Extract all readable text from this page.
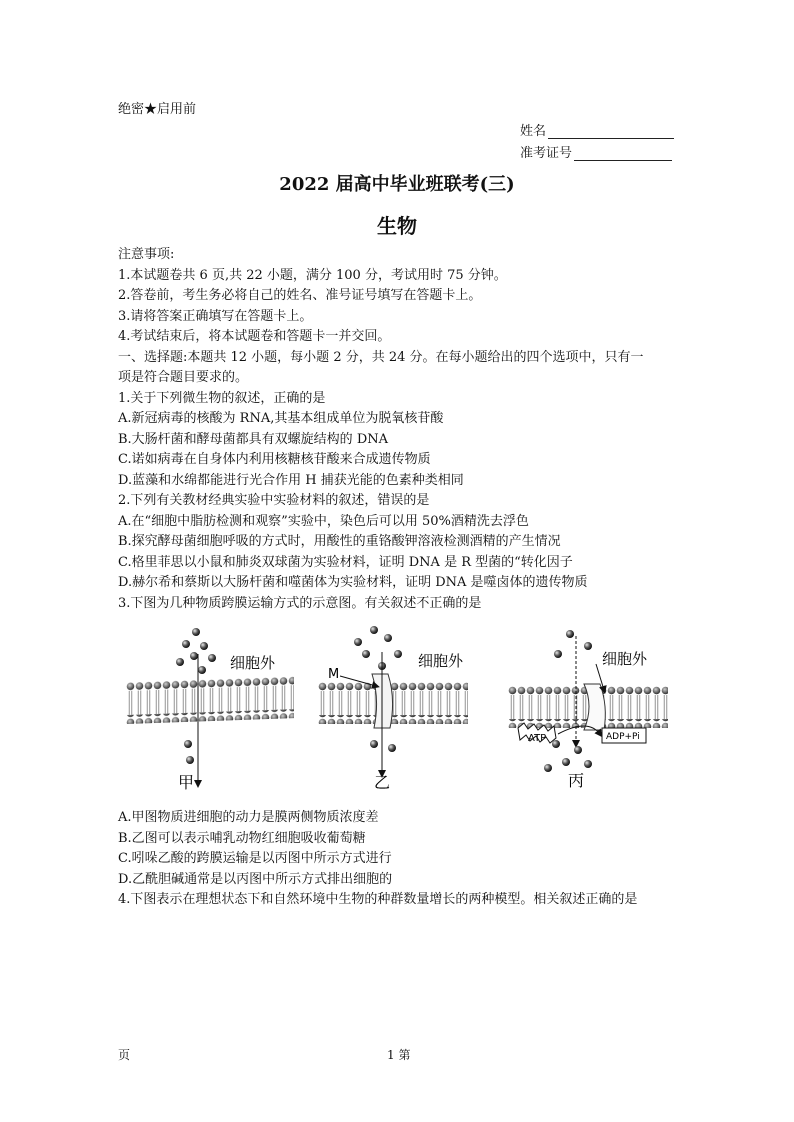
绝密★启用前
姓名
准考证号
2022 届高中毕业班联考(三)
生物

注意事项:

1.本试题卷共 6 页,共 22 小题，满分 100 分，考试用时 75 分钟。

2.答卷前，考生务必将自己的姓名、准号证号填写在答题卡上。

3.请将答案正确填写在答题卡上。

4.考试结束后，将本试题卷和答题卡一并交回。

一、选择题:本题共 12 小题，每小题 2 分，共 24 分。在每小题给出的四个选项中，只有一

项是符合题目要求的。

1.关于下列微生物的叙述，正确的是

A.新冠病毒的核酸为 RNA,其基本组成单位为脱氧核苷酸

B.大肠杆菌和酵母菌都具有双螺旋结构的 DNA

C.诺如病毒在自身体内利用核糖核苷酸来合成遗传物质

D.蓝藻和水绵都能进行光合作用 H 捕获光能的色素种类相同

2.下列有关教材经典实验中实验材料的叙述，错误的是

A.在“细胞中脂肪检测和观察”实验中，染色后可以用 50%酒精洗去浮色

B.探究酵母菌细胞呼吸的方式时，用酸性的重铬酸钾溶液检测酒精的产生情况

C.格里菲思以小鼠和肺炎双球菌为实验材料，证明 DNA 是 R 型菌的“转化因子

D.赫尔希和蔡斯以大肠杆菌和噬菌体为实验材料，证明 DNA 是噬卤体的遗传物质

3.下图为几种物质跨膜运输方式的示意图。有关叙述不正确的是

细胞外
甲
M
细胞外
乙
ATP	ADP+Pi
细胞外
丙

A.甲图物质进细胞的动力是膜两侧物质浓度差

B.乙图可以表示哺乳动物红细胞吸收葡萄糖

C.吲哚乙酸的跨膜运输是以丙图中所示方式进行

D.乙酰胆碱通常是以丙图中所示方式排出细胞的

4.下图表示在理想状态下和自然环境中生物的种群数量增长的两种模型。相关叙述正确的是

页	1 第
